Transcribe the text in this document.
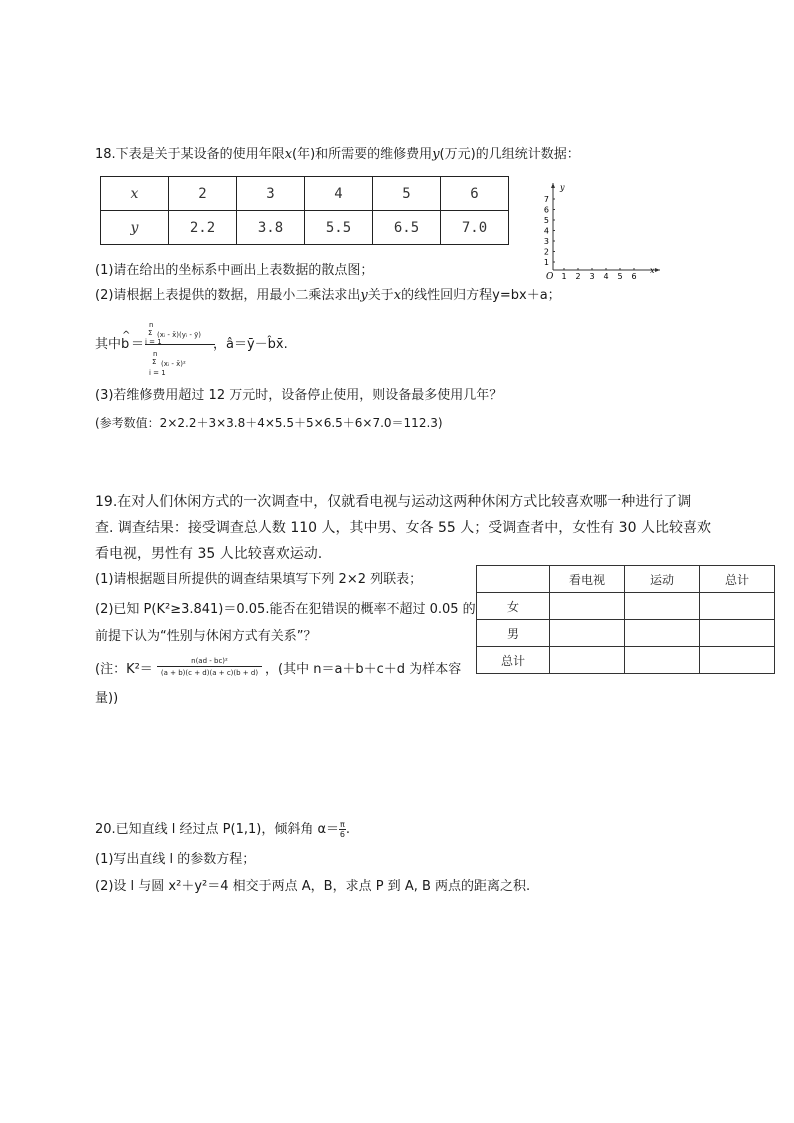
18.下表是关于某设备的使用年限x(年)和所需要的维修费用y(万元)的几组统计数据：
x	2	3	4	5	6
y	2.2	3.8	5.5	6.5	7.0
y
x
O 1 2 3 4 5 6
1
2
3
4
5
6
7
(1)请在给出的坐标系中画出上表数据的散点图；
(2)请根据上表提供的数据，用最小二乘法求出y关于x的线性回归方程y=bx＋a；
其中 ^ b ＝ n
Σ (xᵢ - x̄)(yᵢ - ȳ)
i = 1
n
Σ (xᵢ - x̄)²
i = 1
，â＝ȳ－b̂x̄.
(3)若维修费用超过 12 万元时，设备停止使用，则设备最多使用几年？
(参考数值：2×2.2＋3×3.8＋4×5.5＋5×6.5＋6×7.0＝112.3)
19.在对人们休闲方式的一次调查中，仅就看电视与运动这两种休闲方式比较喜欢哪一种进行了调
查. 调查结果：接受调查总人数 110 人，其中男、女各 55 人；受调查者中，女性有 30 人比较喜欢
看电视，男性有 35 人比较喜欢运动.
(1)请根据题目所提供的调查结果填写下列 2×2 列联表；
(2)已知 P(K²≥3.841)＝0.05.能否在犯错误的概率不超过 0.05 的
前提下认为“性别与休闲方式有关系”？
(注：$K^2= \frac{\text{n(ad - bc)²}}{(a + b)(c + d)(a + c)(b + d)}$ ，(其中 n＝a＋b＋c＋d 为样本容
量))
	看电视	运动	总计
女			
男			
总计			
20.已知直线 l 经过点 P(1,1)，倾斜角 $\alpha= \frac{\pi}{6}$ .
(1)写出直线 l 的参数方程；
(2)设 l 与圆 x²＋y²＝4 相交于两点 A，B，求点 P 到 A, B 两点的距离之积.
